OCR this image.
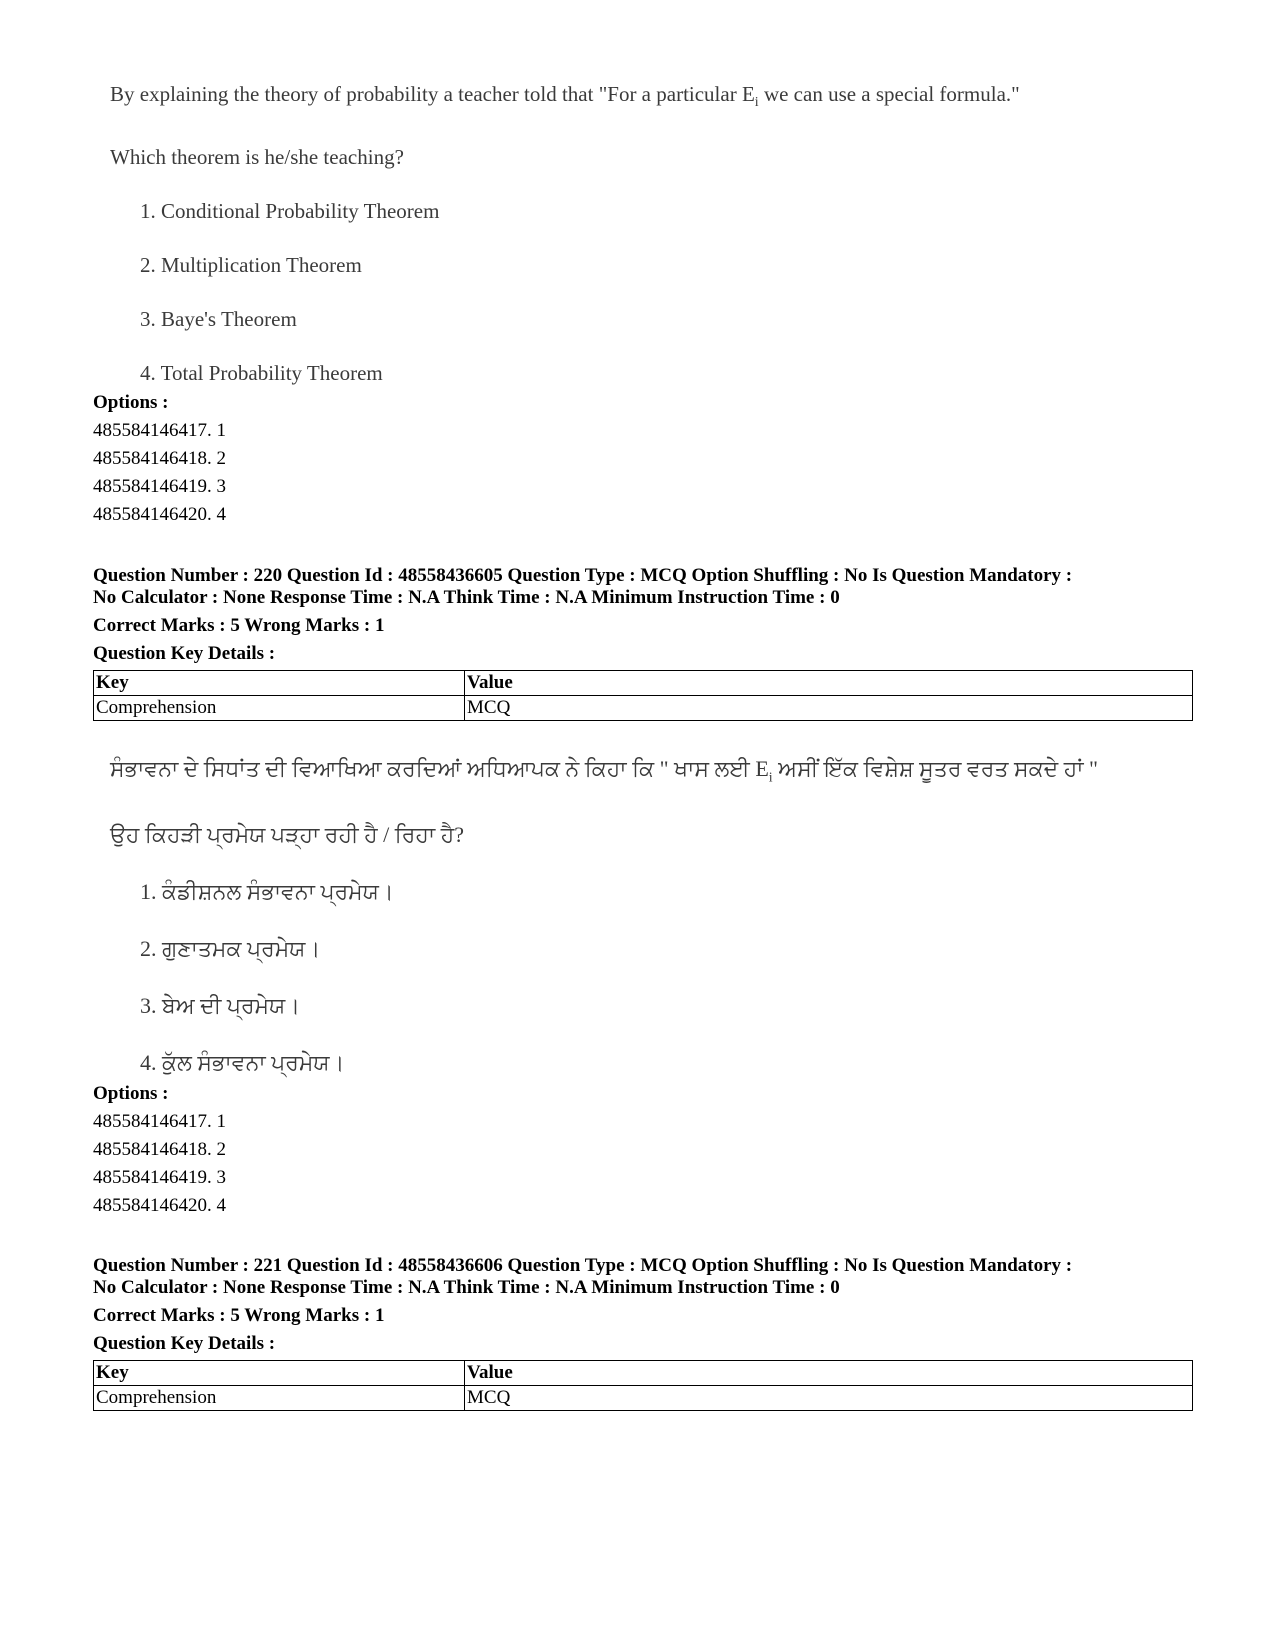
By explaining the theory of probability a teacher told that "For a particular $E_i$ we can use a special formula."

Which theorem is he/she teaching?

1. Conditional Probability Theorem
2. Multiplication Theorem
3. Baye's Theorem
4. Total Probability Theorem
Options :
485584146417. 1
485584146418. 2
485584146419. 3
485584146420. 4
Question Number : 220 Question Id : 48558436605 Question Type : MCQ Option Shuffling : No Is Question Mandatory :
No Calculator : None Response Time : N.A Think Time : N.A Minimum Instruction Time : 0
Correct Marks : 5 Wrong Marks : 1
Question Key Details :
Key	Value
Comprehension	MCQ

ਸੰਭਾਵਨਾ ਦੇ ਸਿਧਾਂਤ ਦੀ ਵਿਆਖਿਆ ਕਰਦਿਆਂ ਅਧਿਆਪਕ ਨੇ ਕਿਹਾ ਕਿ " ਖਾਸ ਲਈ $E_i$ ਅਸੀਂ ਇੱਕ ਵਿਸ਼ੇਸ਼ ਸੂਤਰ ਵਰਤ ਸਕਦੇ ਹਾਂ "

ਉਹ ਕਿਹੜੀ ਪ੍ਰਮੇਯ ਪੜ੍ਹਾ ਰਹੀ ਹੈ / ਰਿਹਾ ਹੈ?

1. ਕੰਡੀਸ਼ਨਲ ਸੰਭਾਵਨਾ ਪ੍ਰਮੇਯ।
2. ਗੁਣਾਤਮਕ ਪ੍ਰਮੇਯ।
3. ਬੇਅ ਦੀ ਪ੍ਰਮੇਯ।
4. ਕੁੱਲ ਸੰਭਾਵਨਾ ਪ੍ਰਮੇਯ।
Options :
485584146417. 1
485584146418. 2
485584146419. 3
485584146420. 4
Question Number : 221 Question Id : 48558436606 Question Type : MCQ Option Shuffling : No Is Question Mandatory :
No Calculator : None Response Time : N.A Think Time : N.A Minimum Instruction Time : 0
Correct Marks : 5 Wrong Marks : 1
Question Key Details :
Key	Value
Comprehension	MCQ
